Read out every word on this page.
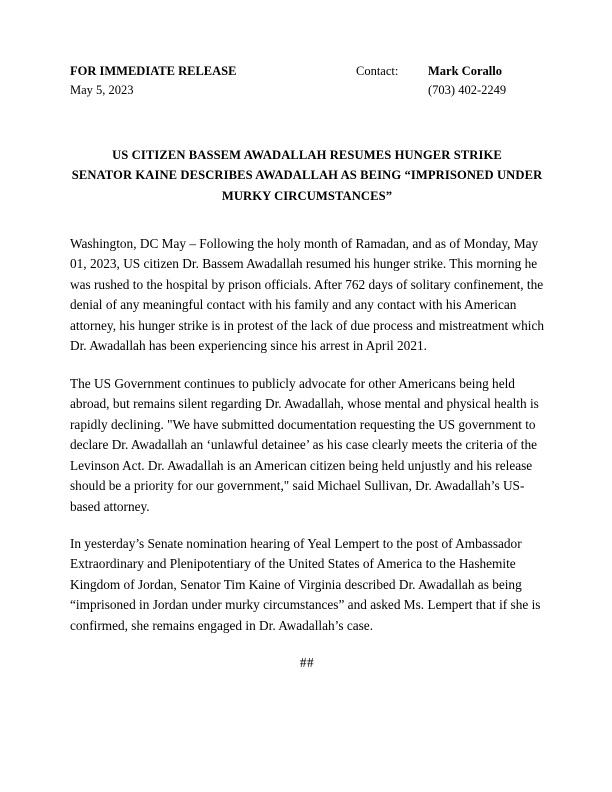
FOR IMMEDIATE RELEASE
May 5, 2023
Contact:	Mark Corallo
(703) 402-2249
US CITIZEN BASSEM AWADALLAH RESUMES HUNGER STRIKE
SENATOR KAINE DESCRIBES AWADALLAH AS BEING “IMPRISONED UNDER
MURKY CIRCUMSTANCES”

Washington, DC May – Following the holy month of Ramadan, and as of Monday, May 01, 2023, US citizen Dr. Bassem Awadallah resumed his hunger strike. This morning he was rushed to the hospital by prison officials. After 762 days of solitary confinement, the denial of any meaningful contact with his family and any contact with his American attorney, his hunger strike is in protest of the lack of due process and mistreatment which Dr. Awadallah has been experiencing since his arrest in April 2021.

The US Government continues to publicly advocate for other Americans being held abroad, but remains silent regarding Dr. Awadallah, whose mental and physical health is rapidly declining. "We have submitted documentation requesting the US government to declare Dr. Awadallah an ‘unlawful detainee’ as his case clearly meets the criteria of the Levinson Act. Dr. Awadallah is an American citizen being held unjustly and his release should be a priority for our government," said Michael Sullivan, Dr. Awadallah’s US-based attorney.

In yesterday’s Senate nomination hearing of Yeal Lempert to the post of Ambassador Extraordinary and Plenipotentiary of the United States of America to the Hashemite Kingdom of Jordan, Senator Tim Kaine of Virginia described Dr. Awadallah as being “imprisoned in Jordan under murky circumstances” and asked Ms. Lempert that if she is confirmed, she remains engaged in Dr. Awadallah’s case.

##
